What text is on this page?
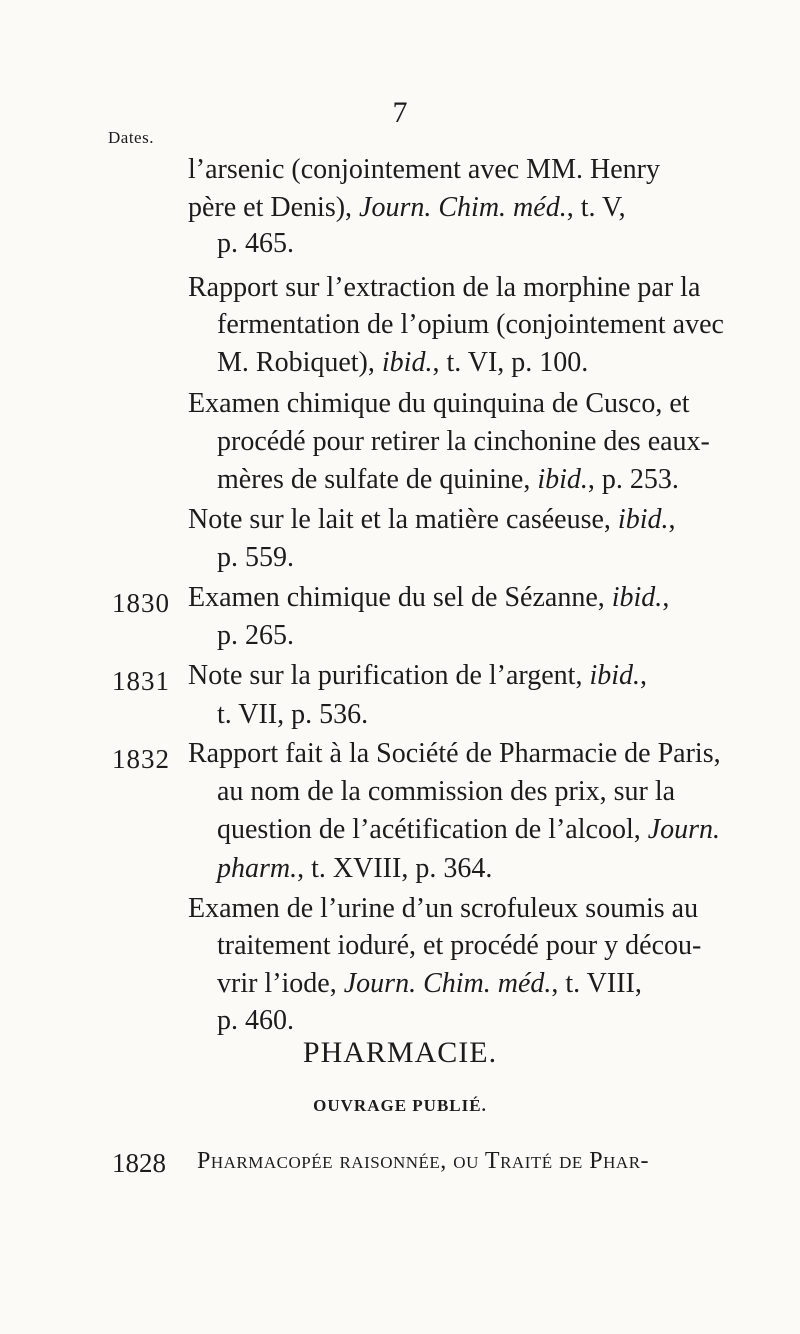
7
Dates.
l’arsenic (conjointement avec MM. Henry
père et Denis), Journ. Chim. méd., t. V,
p. 465.
Rapport sur l’extraction de la morphine par la
fermentation de l’opium (conjointement avec
M. Robiquet), ibid., t. VI, p. 100.
Examen chimique du quinquina de Cusco, et
procédé pour retirer la cinchonine des eaux-
mères de sulfate de quinine, ibid., p. 253.
Note sur le lait et la matière caséeuse, ibid.,
p. 559.
1830 Examen chimique du sel de Sézanne, ibid.,
p. 265.
1831 Note sur la purification de l’argent, ibid.,
t. VII, p. 536.
1832 Rapport fait à la Société de Pharmacie de Paris,
au nom de la commission des prix, sur la
question de l’acétification de l’alcool, Journ.
pharm., t. XVIII, p. 364.
Examen de l’urine d’un scrofuleux soumis au
traitement ioduré, et procédé pour y décou-
vrir l’iode, Journ. Chim. méd., t. VIII,
p. 460.
PHARMACIE.
OUVRAGE PUBLIÉ.
1828 Pharmacopée raisonnée, ou Traité de Phar-
